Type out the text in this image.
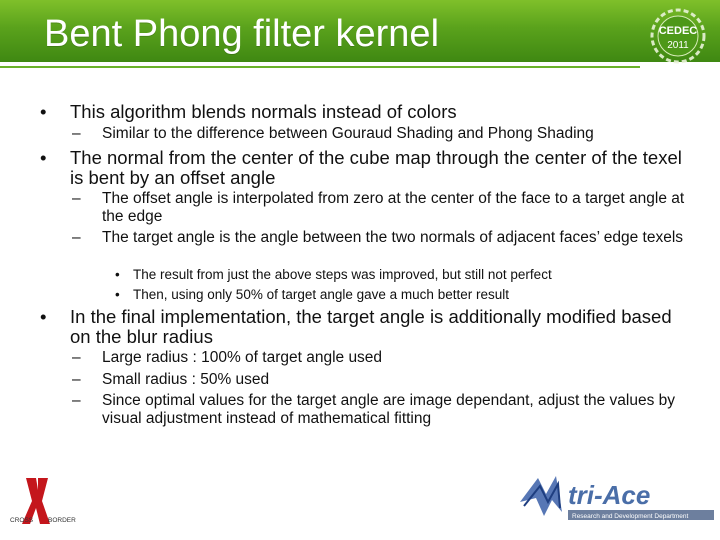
Bent Phong filter kernel	CEDEC
2011
• This algorithm blends normals instead of colors
– Similar to the difference between Gouraud Shading and Phong Shading
• The normal from the center of the cube map through the center of the texel is bent by an offset angle
– The offset angle is interpolated from zero at the center of the face to a target angle at the edge
– The target angle is the angle between the two normals of adjacent faces’ edge texels
• The result from just the above steps was improved, but still not perfect
• Then, using only 50% of target angle gave a much better result
• In the final implementation, the target angle is additionally modified based on the blur radius
– Large radius : 100% of target angle used
– Small radius : 50% used
– Since optimal values for the target angle are image dependant, adjust the values by visual adjustment instead of mathematical fitting
CROSS BORDER
tri-Ace
Research and Development Department
